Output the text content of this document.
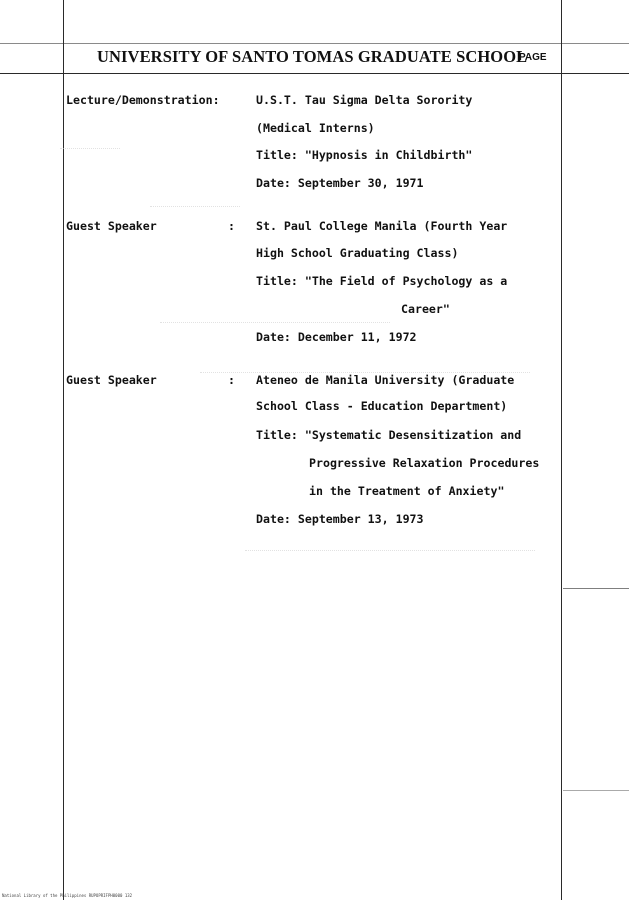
UNIVERSITY OF SANTO TOMAS GRADUATE SCHOOL
PAGE
Lecture/Demonstration:	U.S.T. Tau Sigma Delta Sorority
(Medical Interns)
Title: "Hypnosis in Childbirth"
Date: September 30, 1971
Guest Speaker	: St. Paul College Manila (Fourth Year
High School Graduating Class)
Title: "The Field of Psychology as a
Career"
Date: December 11, 1972
Guest Speaker	: Ateneo de Manila University (Graduate
School Class - Education Department)
Title: "Systematic Desensitization and
Progressive Relaxation Procedures
in the Treatment of Anxiety"
Date: September 13, 1973
National Library of the Philippines RUPOPRIFPH0000 132
